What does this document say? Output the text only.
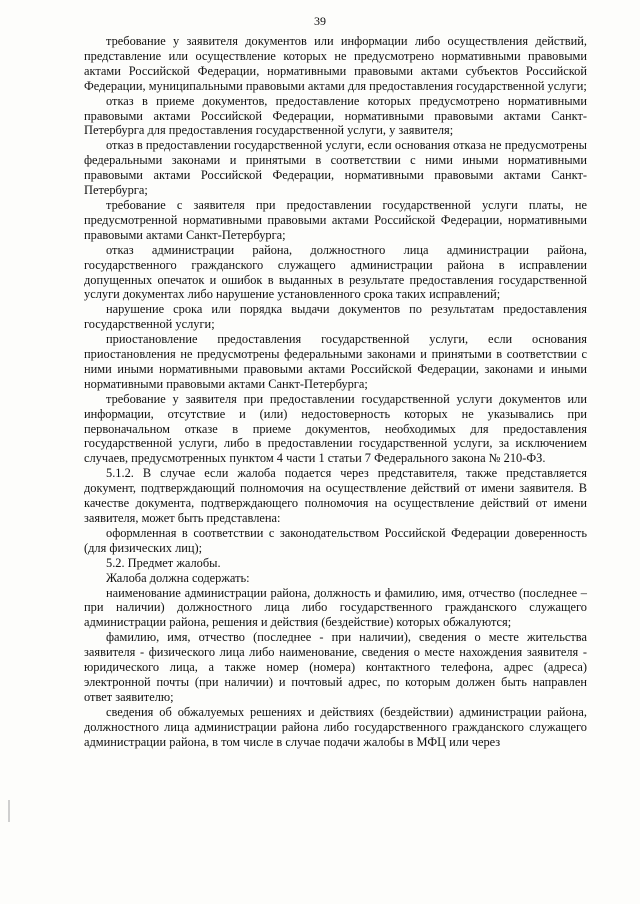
39

требование у заявителя документов или информации либо осуществления действий, представление или осуществление которых не предусмотрено нормативными правовыми актами Российской Федерации, нормативными правовыми актами субъектов Российской Федерации, муниципальными правовыми актами для предоставления государственной услуги;

отказ в приеме документов, предоставление которых предусмотрено нормативными правовыми актами Российской Федерации, нормативными правовыми актами Санкт-Петербурга для предоставления государственной услуги, у заявителя;

отказ в предоставлении государственной услуги, если основания отказа не предусмотрены федеральными законами и принятыми в соответствии с ними иными нормативными правовыми актами Российской Федерации, нормативными правовыми актами Санкт-Петербурга;

требование с заявителя при предоставлении государственной услуги платы, не предусмотренной нормативными правовыми актами Российской Федерации, нормативными правовыми актами Санкт-Петербурга;

отказ администрации района, должностного лица администрации района, государственного гражданского служащего администрации района в исправлении допущенных опечаток и ошибок в выданных в результате предоставления государственной услуги документах либо нарушение установленного срока таких исправлений;

нарушение срока или порядка выдачи документов по результатам предоставления государственной услуги;

приостановление предоставления государственной услуги, если основания приостановления не предусмотрены федеральными законами и принятыми в соответствии с ними иными нормативными правовыми актами Российской Федерации, законами и иными нормативными правовыми актами Санкт-Петербурга;

требование у заявителя при предоставлении государственной услуги документов или информации, отсутствие и (или) недостоверность которых не указывались при первоначальном отказе в приеме документов, необходимых для предоставления государственной услуги, либо в предоставлении государственной услуги, за исключением случаев, предусмотренных пунктом 4 части 1 статьи 7 Федерального закона № 210-ФЗ.

5.1.2. В случае если жалоба подается через представителя, также представляется документ, подтверждающий полномочия на осуществление действий от имени заявителя. В качестве документа, подтверждающего полномочия на осуществление действий от имени заявителя, может быть представлена:

оформленная в соответствии с законодательством Российской Федерации доверенность (для физических лиц);

5.2. Предмет жалобы.

Жалоба должна содержать:

наименование администрации района, должность и фамилию, имя, отчество (последнее – при наличии) должностного лица либо государственного гражданского служащего администрации района, решения и действия (бездействие) которых обжалуются;

фамилию, имя, отчество (последнее - при наличии), сведения о месте жительства заявителя - физического лица либо наименование, сведения о месте нахождения заявителя - юридического лица, а также номер (номера) контактного телефона, адрес (адреса) электронной почты (при наличии) и почтовый адрес, по которым должен быть направлен ответ заявителю;

сведения об обжалуемых решениях и действиях (бездействии) администрации района, должностного лица администрации района либо государственного гражданского служащего администрации района, в том числе в случае подачи жалобы в МФЦ или через
